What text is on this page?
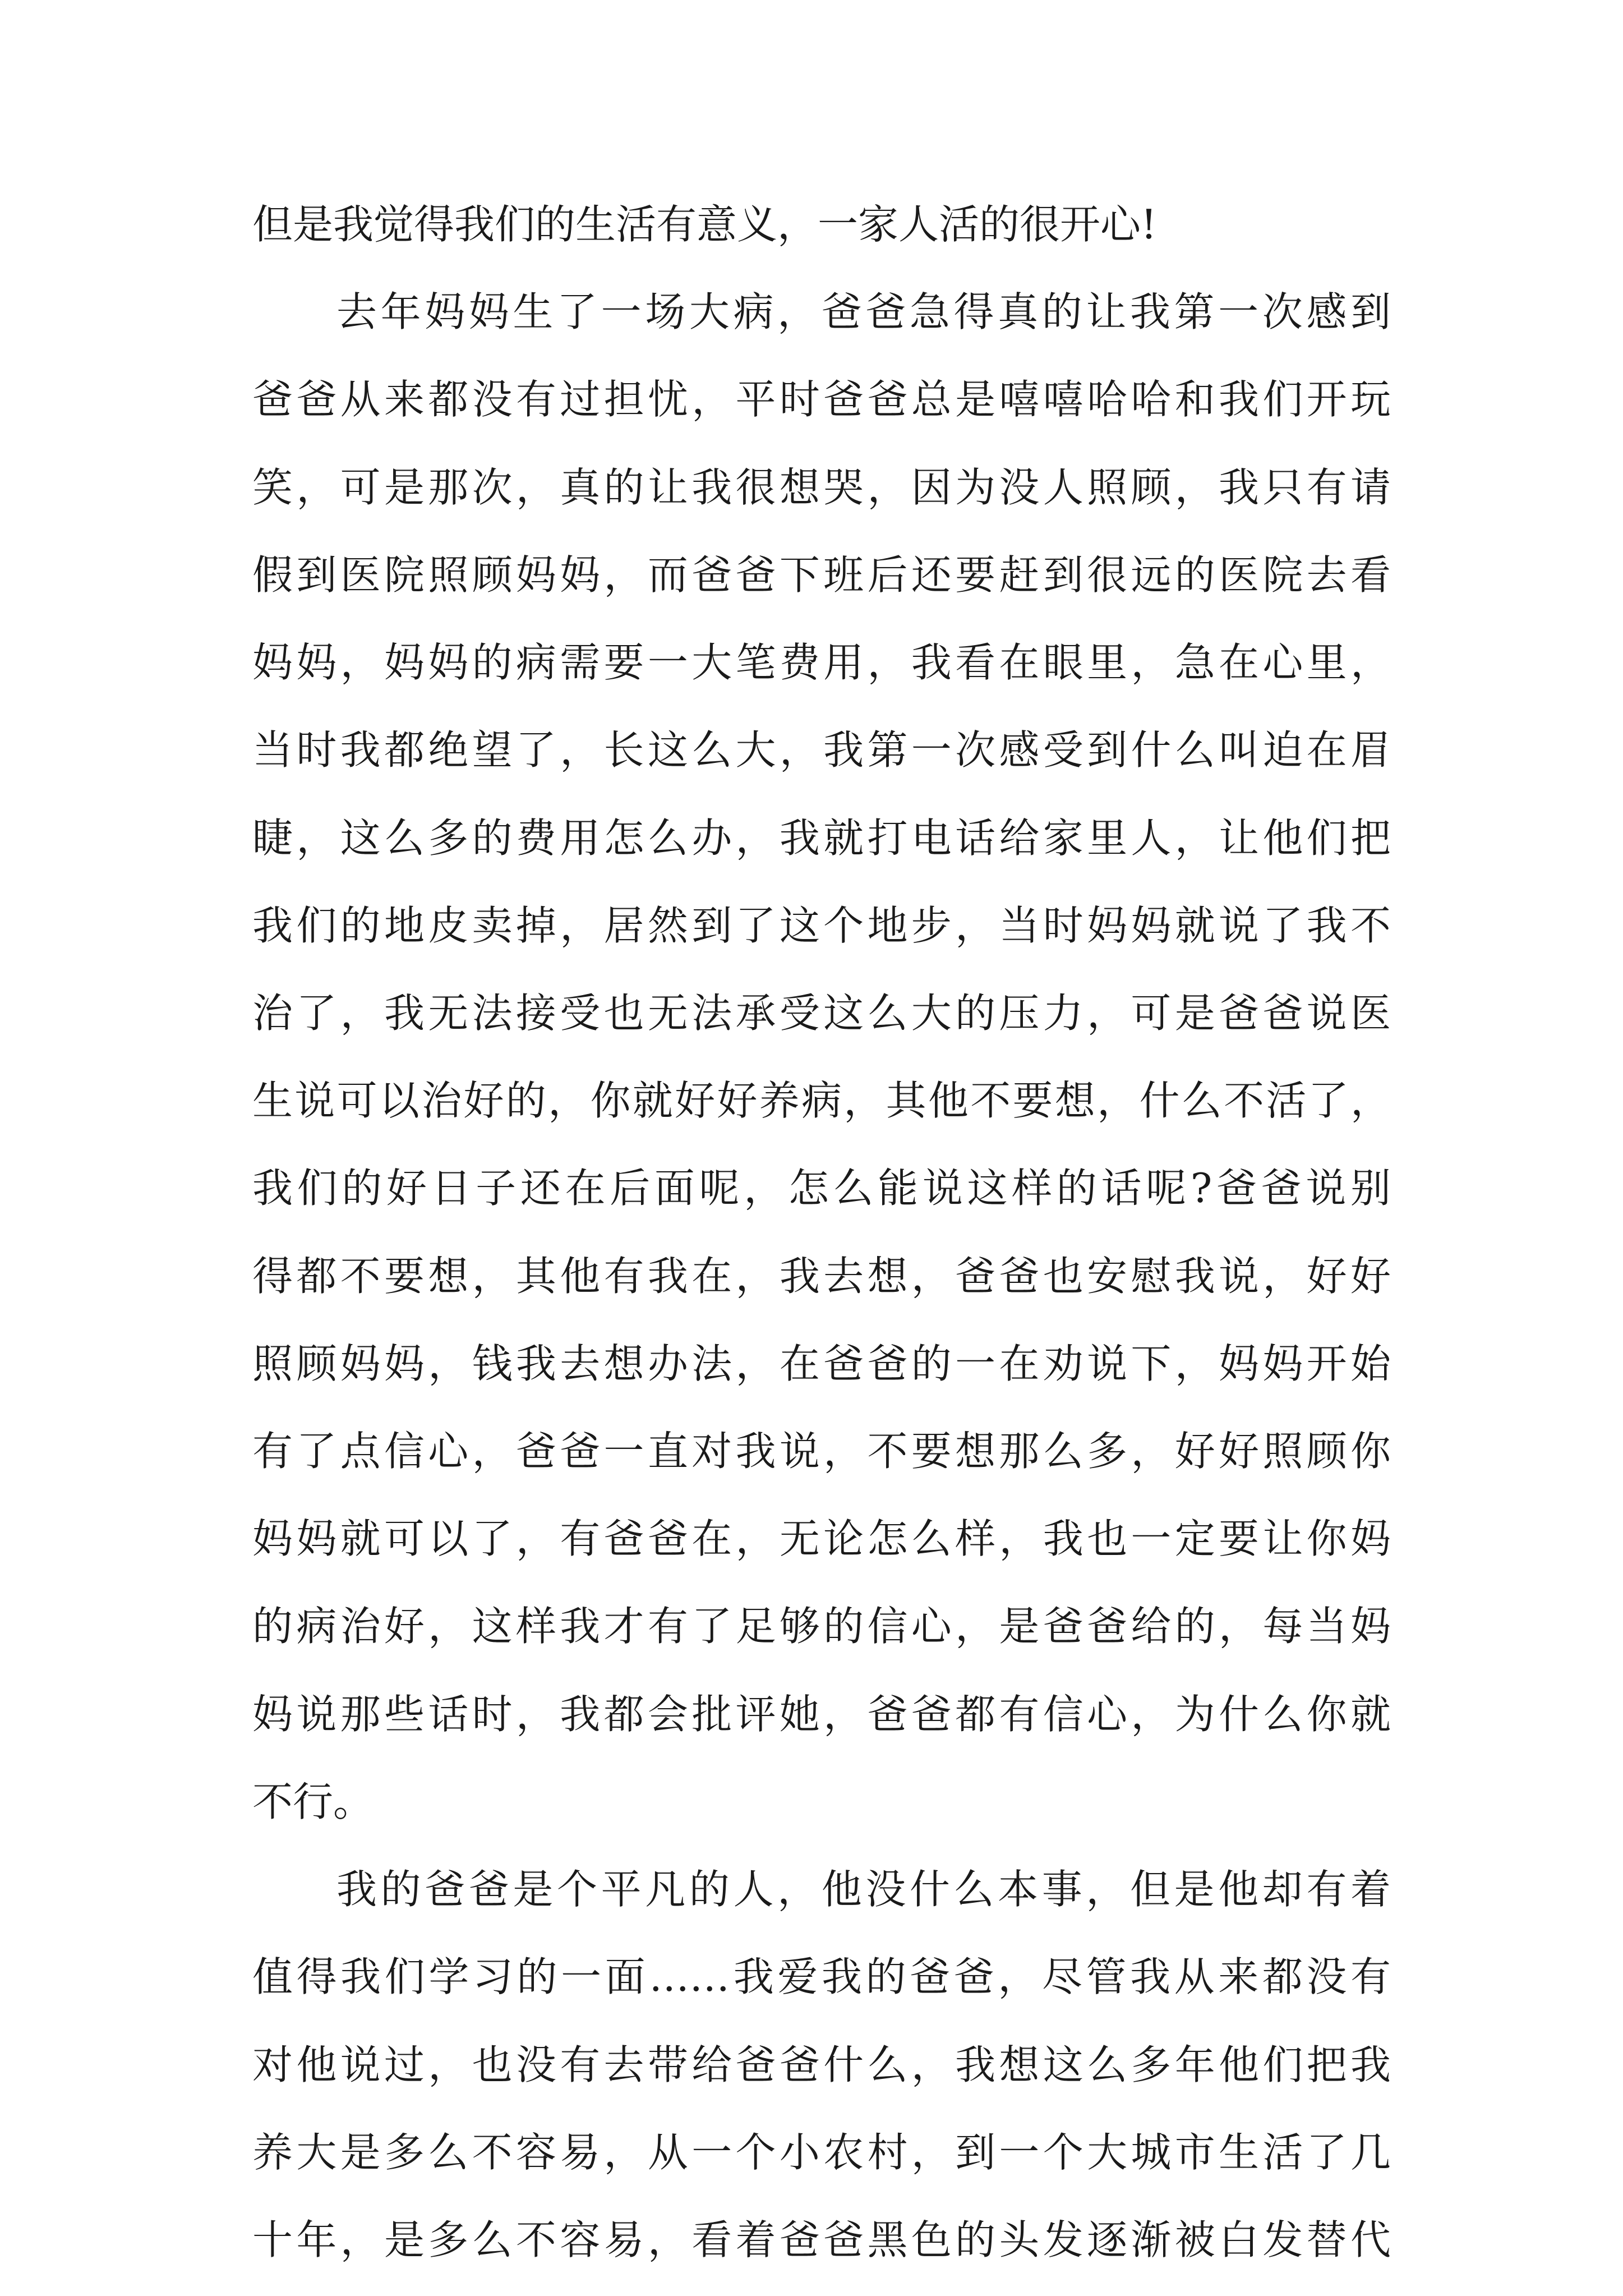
但是我觉得我们的生活有意义，一家人活的很开心!
去年妈妈生了一场大病，爸爸急得真的让我第一次感到
爸爸从来都没有过担忧，平时爸爸总是嘻嘻哈哈和我们开玩
笑，可是那次，真的让我很想哭，因为没人照顾，我只有请
假到医院照顾妈妈，而爸爸下班后还要赶到很远的医院去看
妈妈，妈妈的病需要一大笔费用，我看在眼里，急在心里，
当时我都绝望了，长这么大，我第一次感受到什么叫迫在眉
睫，这么多的费用怎么办，我就打电话给家里人，让他们把
我们的地皮卖掉，居然到了这个地步，当时妈妈就说了我不
治了，我无法接受也无法承受这么大的压力，可是爸爸说医
生说可以治好的，你就好好养病，其他不要想，什么不活了，
我们的好日子还在后面呢，怎么能说这样的话呢?爸爸说别
得都不要想，其他有我在，我去想，爸爸也安慰我说，好好
照顾妈妈，钱我去想办法，在爸爸的一在劝说下，妈妈开始
有了点信心，爸爸一直对我说，不要想那么多，好好照顾你
妈妈就可以了，有爸爸在，无论怎么样，我也一定要让你妈
的病治好，这样我才有了足够的信心，是爸爸给的，每当妈
妈说那些话时，我都会批评她，爸爸都有信心，为什么你就
不行。
我的爸爸是个平凡的人，他没什么本事，但是他却有着
值得我们学习的一面……我爱我的爸爸，尽管我从来都没有
对他说过，也没有去带给爸爸什么，我想这么多年他们把我
养大是多么不容易，从一个小农村，到一个大城市生活了几
十年，是多么不容易，看着爸爸黑色的头发逐渐被白发替代
